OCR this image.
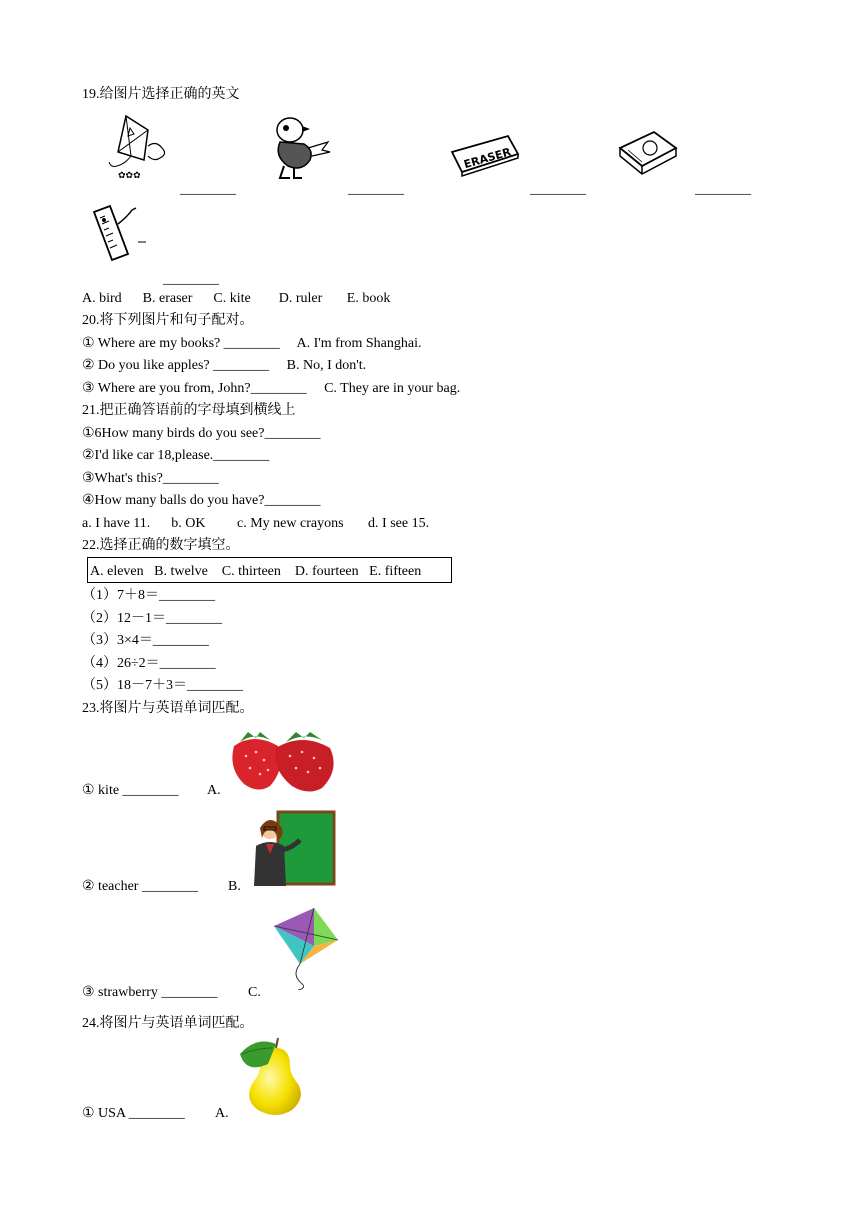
19.给图片选择正确的英文
✿✿✿
ERASER
________	________	________	________
________
A. bird      B. eraser      C. kite        D. ruler       E. book
20.将下列图片和句子配对。
① Where are my books? ________     A. I'm from Shanghai.
② Do you like apples? ________     B. No, I don't.
③ Where are you from, John?________     C. They are in your bag.
21.把正确答语前的字母填到横线上
①6How many birds do you see?________
②I'd like car 18,please.________
③What's this?________
④How many balls do you have?________
a. I have 11.      b. OK         c. My new crayons       d. I see 15.
22.选择正确的数字填空。
A. eleven   B. twelve    C. thirteen    D. fourteen   E. fifteen
（1）7＋8＝________
（2）12－1＝________
（3）3×4＝________
（4）26÷2＝________
（5）18－7＋3＝________
23.将图片与英语单词匹配。
① kite ________ A.
② teacher ________ B.
③ strawberry ________ C.
24.将图片与英语单词匹配。
① USA ________ A.
